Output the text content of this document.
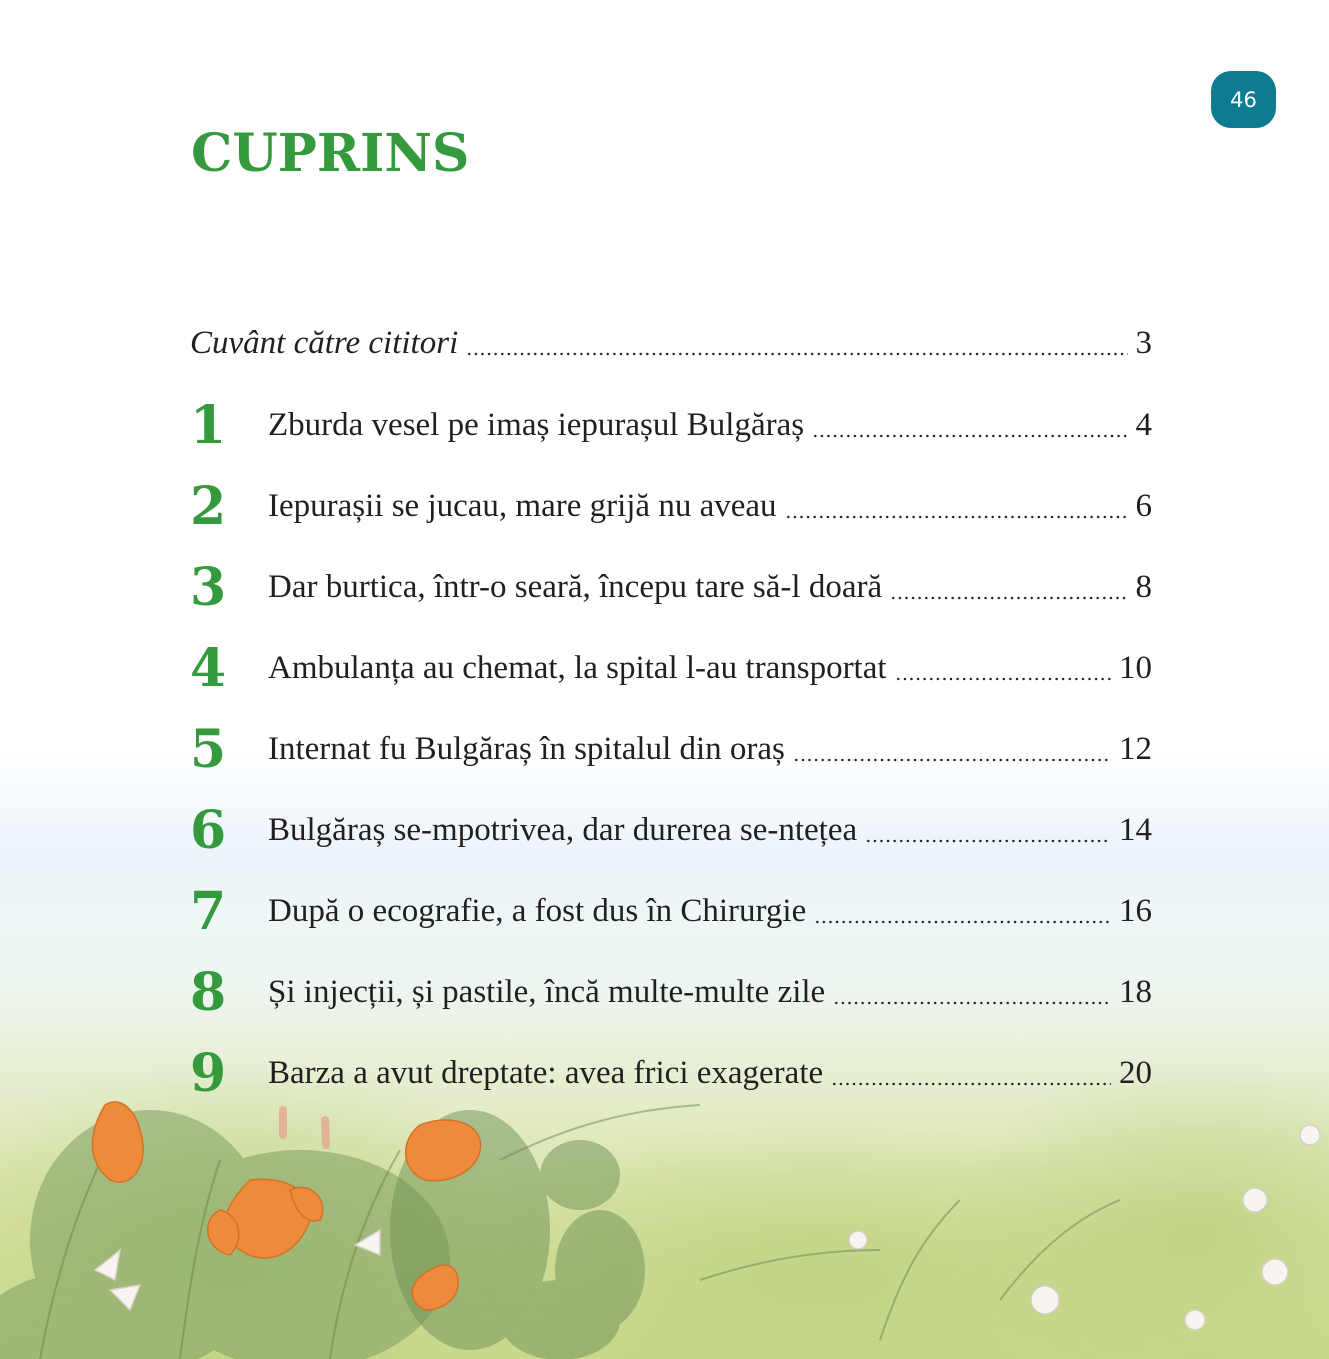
46
CUPRINS
Cuvânt către cititori	3
1	Zburda vesel pe imaș iepurașul Bulgăraș	4
2	Iepurașii se jucau, mare grijă nu aveau	6
3	Dar burtica, într-o seară, începu tare să-l doară	8
4	Ambulanța au chemat, la spital l-au transportat	10
5	Internat fu Bulgăraș în spitalul din oraș	12
6	Bulgăraș se-mpotrivea, dar durerea se-ntețea	14
7	După o ecografie, a fost dus în Chirurgie	16
8	Și injecții, și pastile, încă multe-multe zile	18
9	Barza a avut dreptate: avea frici exagerate	20
